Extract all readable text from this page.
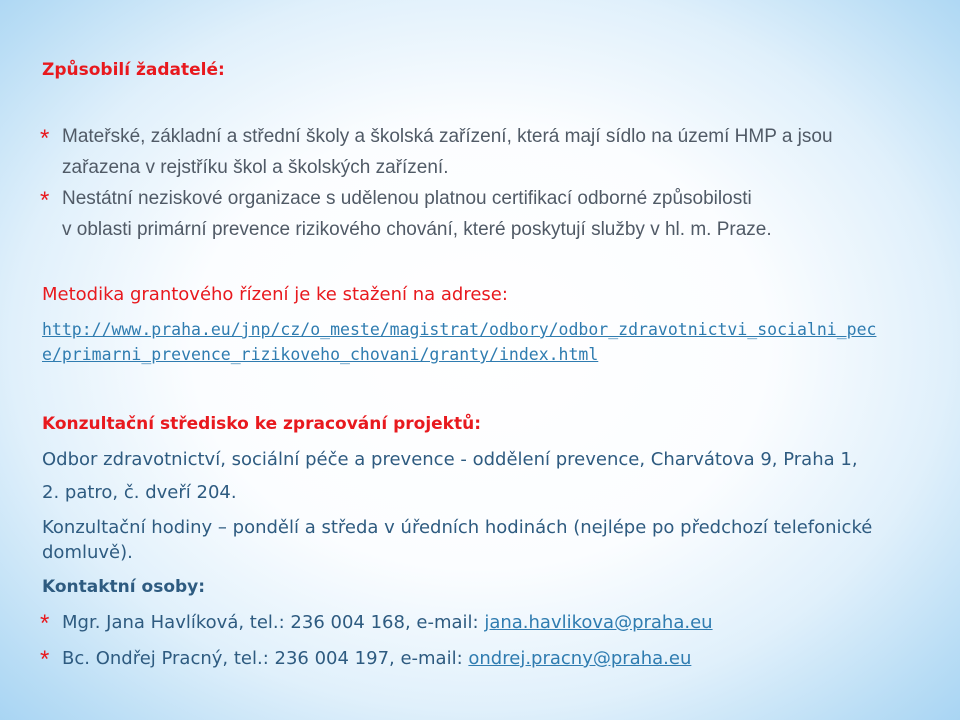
Způsobilí žadatelé:
* Mateřské, základní a střední školy a školská zařízení, která mají sídlo na území HMP a jsou
zařazena v rejstříku škol a školských zařízení.
* Nestátní neziskové organizace s udělenou platnou certifikací odborné způsobilosti
v oblasti primární prevence rizikového chování, které poskytují služby v hl. m. Praze.
Metodika grantového řízení je ke stažení na adrese:
http://www.praha.eu/jnp/cz/o_meste/magistrat/odbory/odbor_zdravotnictvi_socialni_pec
e/primarni_prevence_rizikoveho_chovani/granty/index.html
Konzultační středisko ke zpracování projektů:
Odbor zdravotnictví, sociální péče a prevence - oddělení prevence, Charvátova 9, Praha 1,
2. patro, č. dveří 204.
Konzultační hodiny – pondělí a středa v úředních hodinách (nejlépe po předchozí telefonické
domluvě).
Kontaktní osoby:
* Mgr. Jana Havlíková, tel.: 236 004 168, e-mail: jana.havlikova@praha.eu
* Bc. Ondřej Pracný, tel.: 236 004 197, e-mail: ondrej.pracny@praha.eu
